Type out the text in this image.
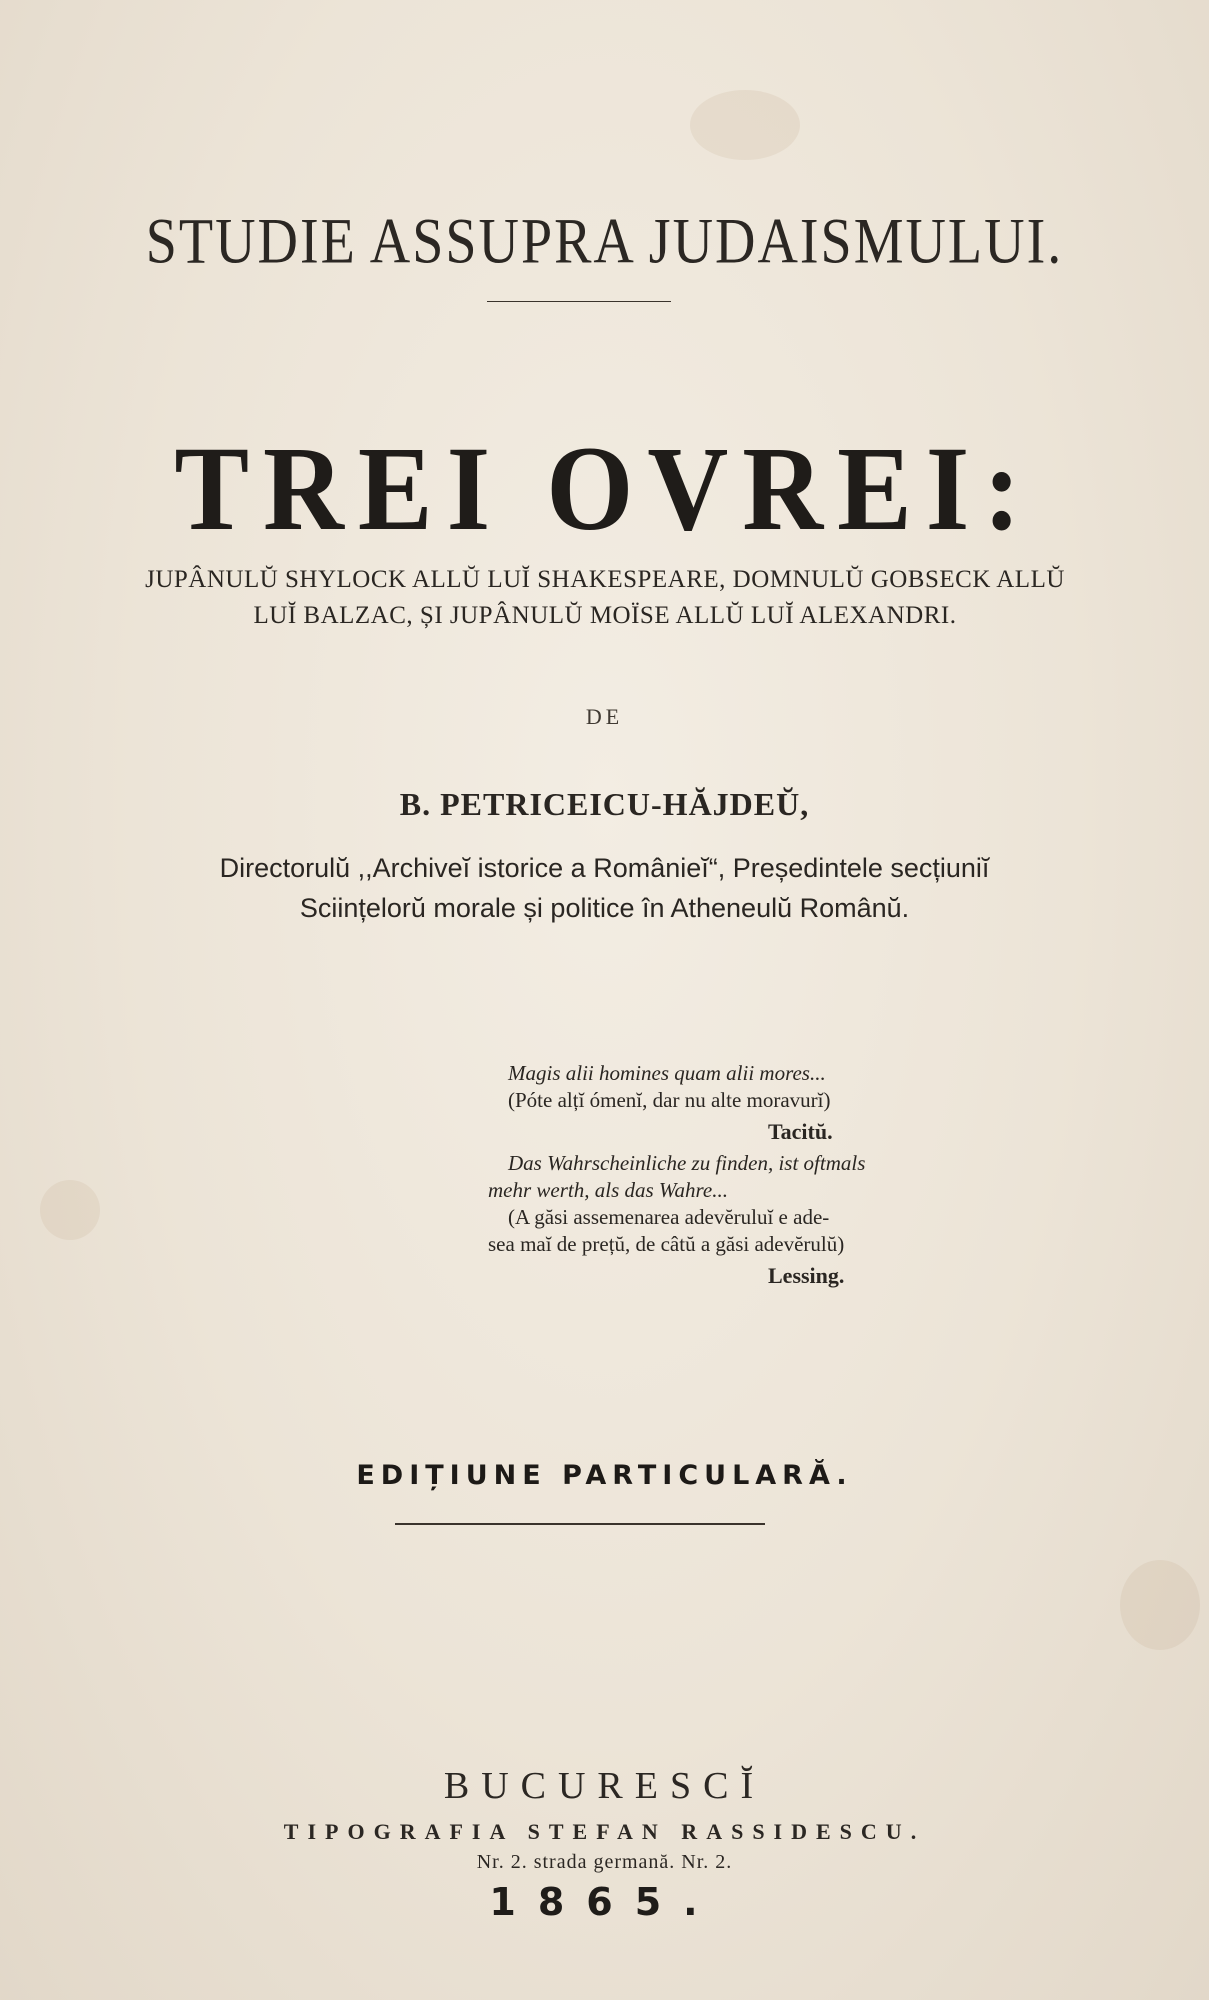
STUDIE ASSUPRA JUDAISMULUI.
TREI OVREI:
JUPÂNULŬ SHYLOCK ALLŬ LUĬ SHAKESPEARE, DOMNULŬ GOBSECK ALLŬ
LUĬ BALZAC, ȘI JUPÂNULŬ MOÏSE ALLŬ LUĬ ALEXANDRI.
DE
B. PETRICEICU-HĂJDEŬ,
Directorulŭ ,,Archiveĭ istorice a Românieĭ“, Președintele secțiuniĭ
Sciințelorŭ morale și politice în Atheneulŭ Românŭ.
Magis alii homines quam alii mores...
(Póte alțĭ ómenĭ, dar nu alte moravurĭ)
Tacitŭ.
Das Wahrscheinliche zu finden, ist oftmals
mehr werth, als das Wahre...
(A găsi assemenarea adevĕruluĭ e ade-
sea maĭ de prețŭ, de câtŭ a găsi adevĕrulŭ)
Lessing.
EDIȚIUNE PARTICULARĂ.
BUCURESCĬ
TIPOGRAFIA STEFAN RASSIDESCU.
Nr. 2. strada germană. Nr. 2.
1865.
